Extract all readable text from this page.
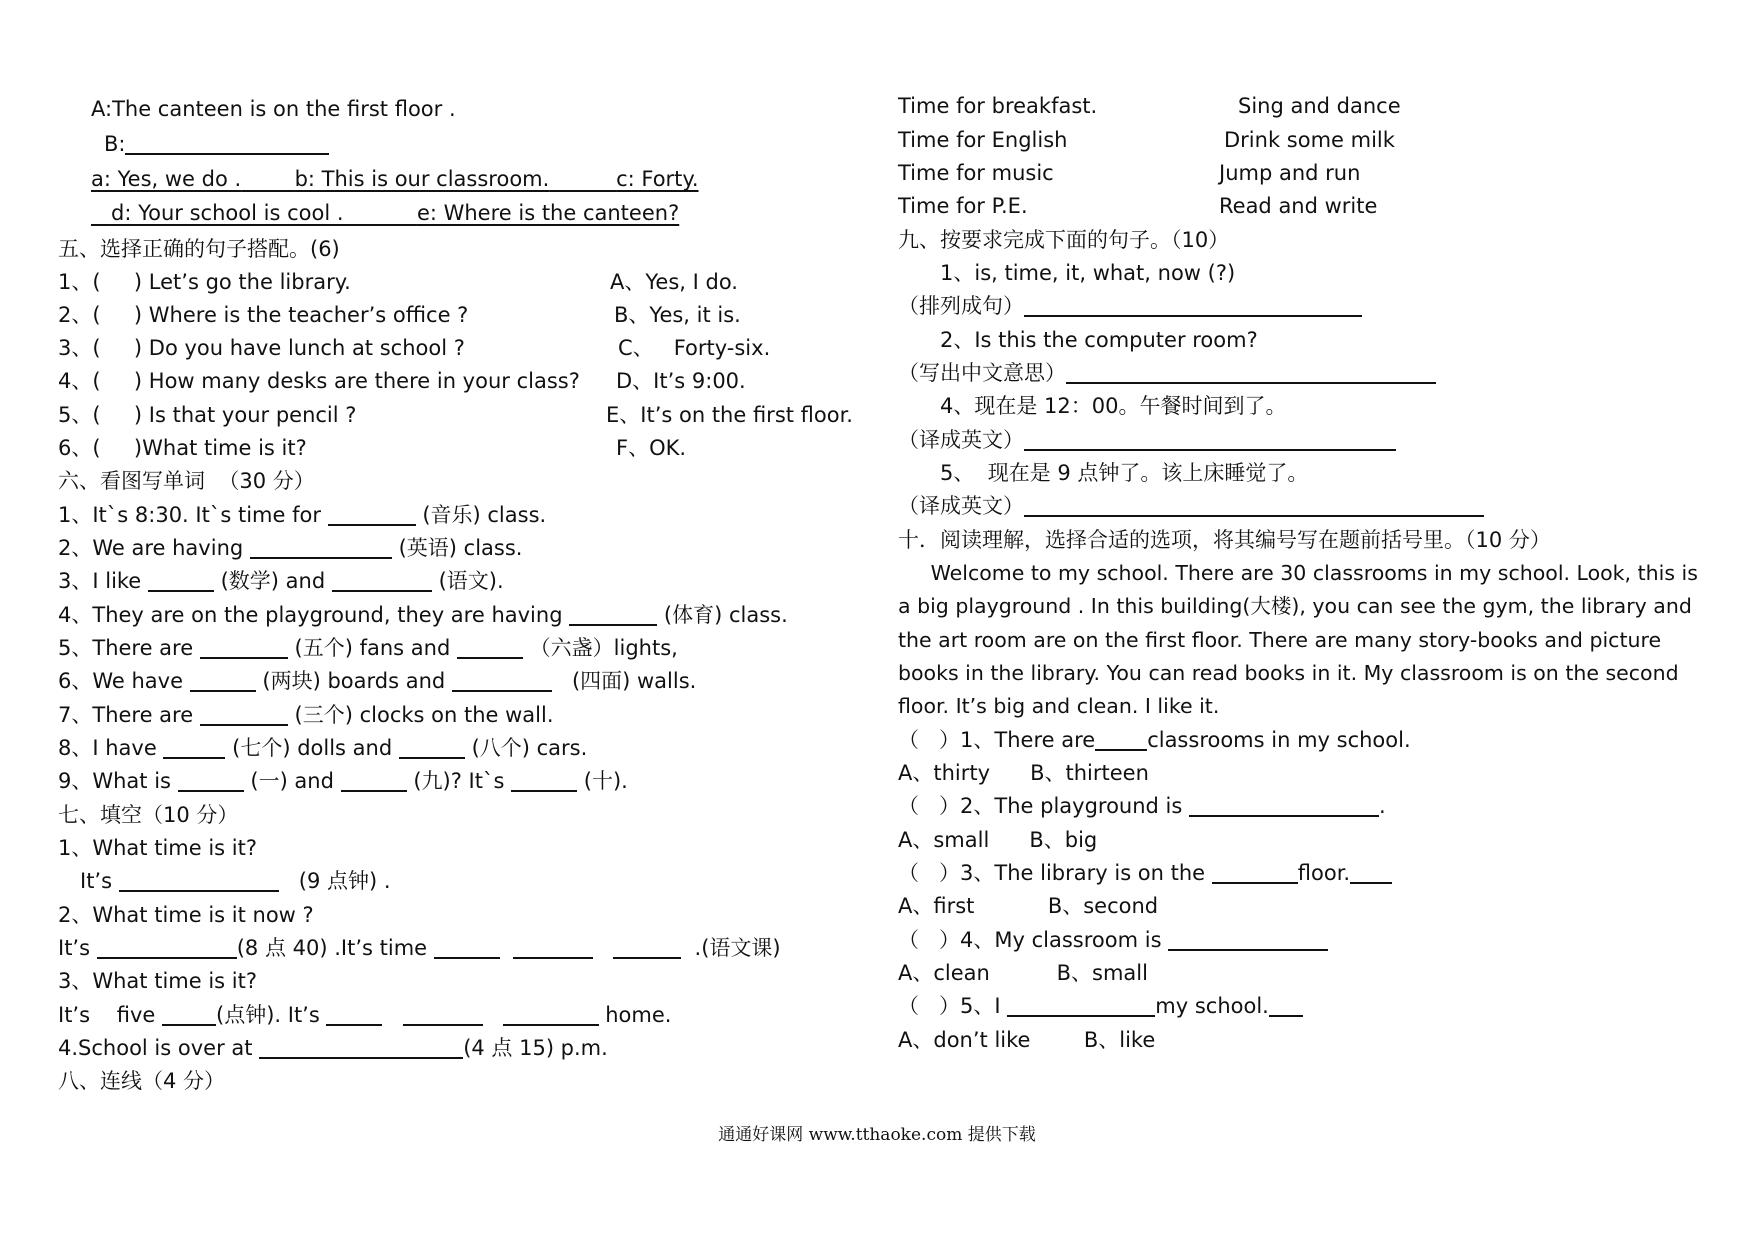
A:The canteen is on the first floor .
B:
a: Yes, we do .	b: This is our classroom.	c: Forty.
d: Your school is cool .	e: Where is the canteen?
五、选择正确的句子搭配。(6)
1、(     ) Let’s go the library.	A、Yes, I do.
2、(     ) Where is the teacher’s office ?	B、Yes, it is.
3、(     ) Do you have lunch at school ?	C、   Forty-six.
4、(     ) How many desks are there in your class? D、It’s 9:00.
5、(     ) Is that your pencil ?	E、It’s on the first floor.
6、(     )What time is it?	F、OK.
六、看图写单词  （30 分）
1、It`s 8:30. It`s time for	(音乐) class.
2、We are having	(英语) class.
3、I like	(数学) and	(语文).
4、They are on the playground, they are having	(体育) class.
5、There are	(五个) fans and	（六盏）lights,
6、We have	(两块) boards and	(四面) walls.
7、There are	(三个) clocks on the wall.
8、I have	(七个) dolls and	(八个) cars.
9、What is	(一) and	(九)? It`s	(十).
七、填空（10 分）
1、What time is it?
It’s	(9 点钟) .
2、What time is it now ?
It’s	(8 点 40) .It’s time	.(语文课)
3、What time is it?
It’s    five	(点钟). It’s	home.
4.School is over at	(4 点 15) p.m.
八、连线（4 分）
Time for breakfast.	Sing and dance
Time for English	Drink some milk
Time for music	Jump and run
Time for P.E.	Read and write
九、按要求完成下面的句子。（10）
1、is, time, it, what, now (?)
（排列成句）
2、Is this the computer room?
（写出中文意思）
4、现在是 12：00。午餐时间到了。
（译成英文）
5、  现在是 9 点钟了。该上床睡觉了。
（译成英文）
十．阅读理解，选择合适的选项，将其编号写在题前括号里。（10 分）
Welcome to my school. There are 30 classrooms in my school. Look, this is
a big playground . In this building(大楼), you can see the gym, the library and
the art room are on the first floor. There are many story-books and picture
books in the library. You can read books in it. My classroom is on the second
floor. It’s big and clean. I like it.
（   ）1、There are classrooms in my school.
A、thirty      B、thirteen
（   ）2、The playground is	.
A、small      B、big
（   ）3、The library is on the	floor.
A、first           B、second
（   ）4、My classroom is
A、clean          B、small
（   ）5、I	my school.
A、don’t like        B、like
通通好课网 www.tthaoke.com 提供下载
